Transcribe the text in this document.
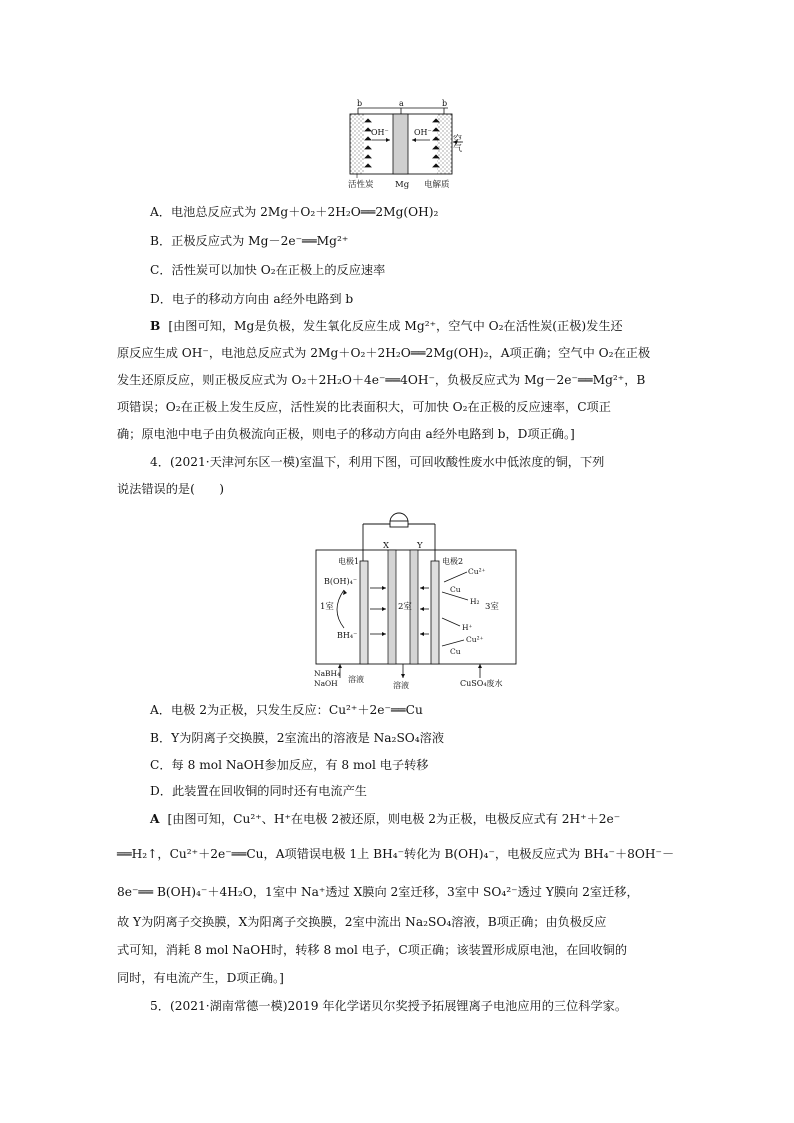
b	a	b
OH⁻	OH⁻
空气
活性炭	Mg 电解质
A．电池总反应式为 2Mg＋O₂＋2H₂O══2Mg(OH)₂
B．正极反应式为 Mg－2e⁻══Mg²⁺
C．活性炭可以加快 O₂在正极上的反应速率
D．电子的移动方向由 a经外电路到 b
B [由图可知，Mg是负极，发生氧化反应生成 Mg²⁺，空气中 O₂在活性炭(正极)发生还
原反应生成 OH⁻，电池总反应式为 2Mg＋O₂＋2H₂O══2Mg(OH)₂，A项正确；空气中 O₂在正极
发生还原反应，则正极反应式为 O₂＋2H₂O＋4e⁻══4OH⁻，负极反应式为 Mg－2e⁻══Mg²⁺，B
项错误；O₂在正极上发生反应，活性炭的比表面积大，可加快 O₂在正极的反应速率，C项正
确；原电池中电子由负极流向正极，则电子的移动方向由 a经外电路到 b，D项正确。]
4．(2021·天津河东区一模)室温下，利用下图，可回收酸性废水中低浓度的铜，下列
说法错误的是(　　)
X	Y
电极1	电极2
1室	2室	3室
B(OH)₄⁻
BH₄⁻
Cu²⁺
Cu
H₂
H⁺
Cu²⁺
Cu
NaBH₄
NaOH 溶液
溶液	CuSO₄废水
A．电极 2为正极，只发生反应：Cu²⁺＋2e⁻══Cu
B．Y为阴离子交换膜，2室流出的溶液是 Na₂SO₄溶液
C．每 8 mol NaOH参加反应，有 8 mol 电子转移
D．此装置在回收铜的同时还有电流产生
A [由图可知，Cu²⁺、H⁺在电极 2被还原，则电极 2为正极，电极反应式有 2H⁺＋2e⁻
══H₂↑，Cu²⁺＋2e⁻══Cu，A项错误电极 1上 BH₄⁻转化为 B(OH)₄⁻，电极反应式为 BH₄⁻＋8OH⁻－
8e⁻══ B(OH)₄⁻＋4H₂O，1室中 Na⁺透过 X膜向 2室迁移，3室中 SO₄²⁻透过 Y膜向 2室迁移，
故 Y为阴离子交换膜，X为阳离子交换膜，2室中流出 Na₂SO₄溶液，B项正确；由负极反应
式可知，消耗 8 mol NaOH时，转移 8 mol 电子，C项正确；该装置形成原电池，在回收铜的
同时，有电流产生，D项正确。]
5．(2021·湖南常德一模)2019 年化学诺贝尔奖授予拓展锂离子电池应用的三位科学家。
